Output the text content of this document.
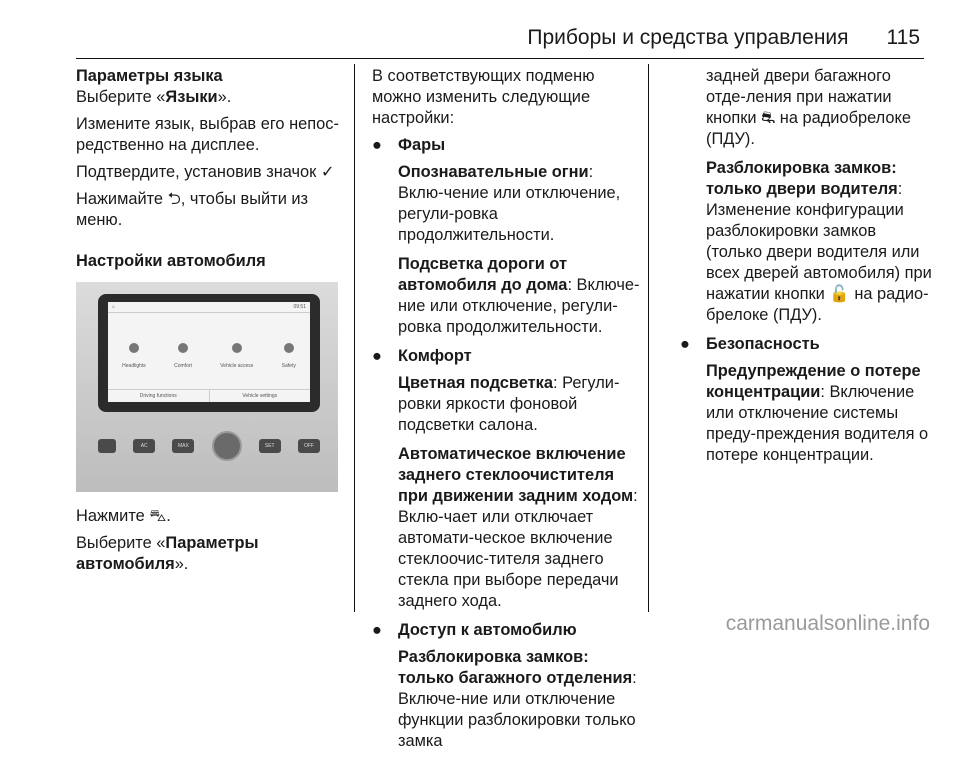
Приборы и средства управления 115

Параметры языка

Выберите «Языки».

Измените язык, выбрав его непос-редственно на дисплее.

Подтвердите, установив значок ✓

Нажимайте ⮌, чтобы выйти из меню.

Настройки автомобиля

⌂	09:51
Headlights	Comfort	Vehicle access	Safety
Driving functions	Vehicle settings
AC	MAX	SET	OFF

Нажмите ⛍.

Выберите «Параметры автомобиля».

В соответствующих подменю можно изменить следующие настройки:

● Фары

Опознавательные огни: Вклю-чение или отключение, регули-ровка продолжительности.

Подсветка дороги от автомобиля до дома: Включе-ние или отключение, регули-ровка продолжительности.

● Комфорт

Цветная подсветка: Регули-ровки яркости фоновой подсветки салона.

Автоматическое включение заднего стеклоочистителя при движении задним ходом: Вклю-чает или отключает автомати-ческое включение стеклоочис-тителя заднего стекла при выборе передачи заднего хода.

● Доступ к автомобилю

Разблокировка замков: только багажного отделения: Включе-ние или отключение функции разблокировки только замка

задней двери багажного отде-ления при нажатии кнопки ⛐ на радиобрелоке (ПДУ).

Разблокировка замков: только двери водителя: Изменение конфигурации разблокировки замков (только двери водителя или всех дверей автомобиля) при нажатии кнопки 🔓 на радио-брелоке (ПДУ).

● Безопасность

Предупреждение о потере концентрации: Включение или отключение системы преду-преждения водителя о потере концентрации.

carmanualsonline.info
